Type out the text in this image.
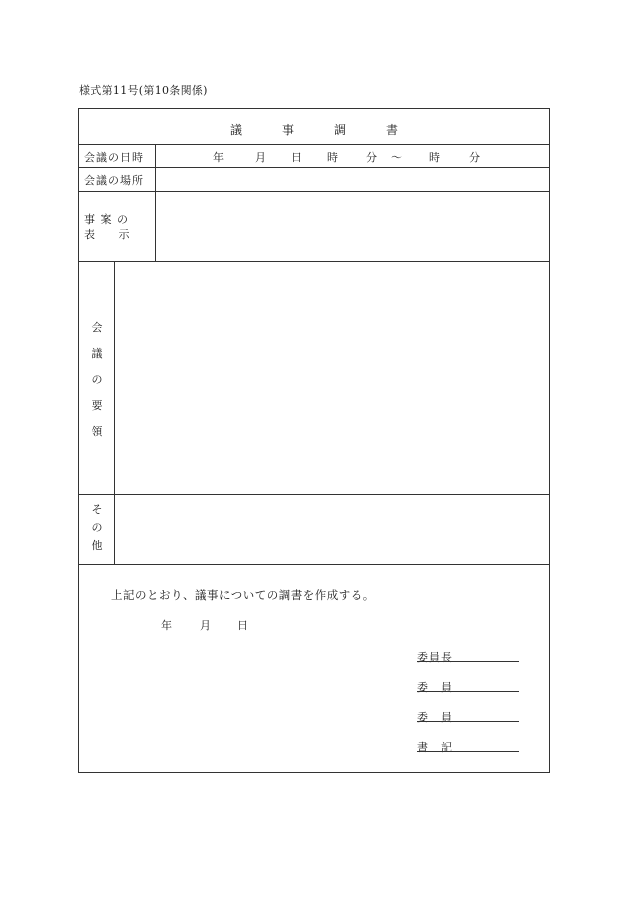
様式第11号(第10条関係)
議事調書
会議の日時	年	月 日 時	分 〜 時	分
会議の場所
事 案 の
表     示
会
議
の
要
領
そ
の
他
上記のとおり、議事についての調書を作成する。
年	月 日
委員長
委　員
委　員
書　記
